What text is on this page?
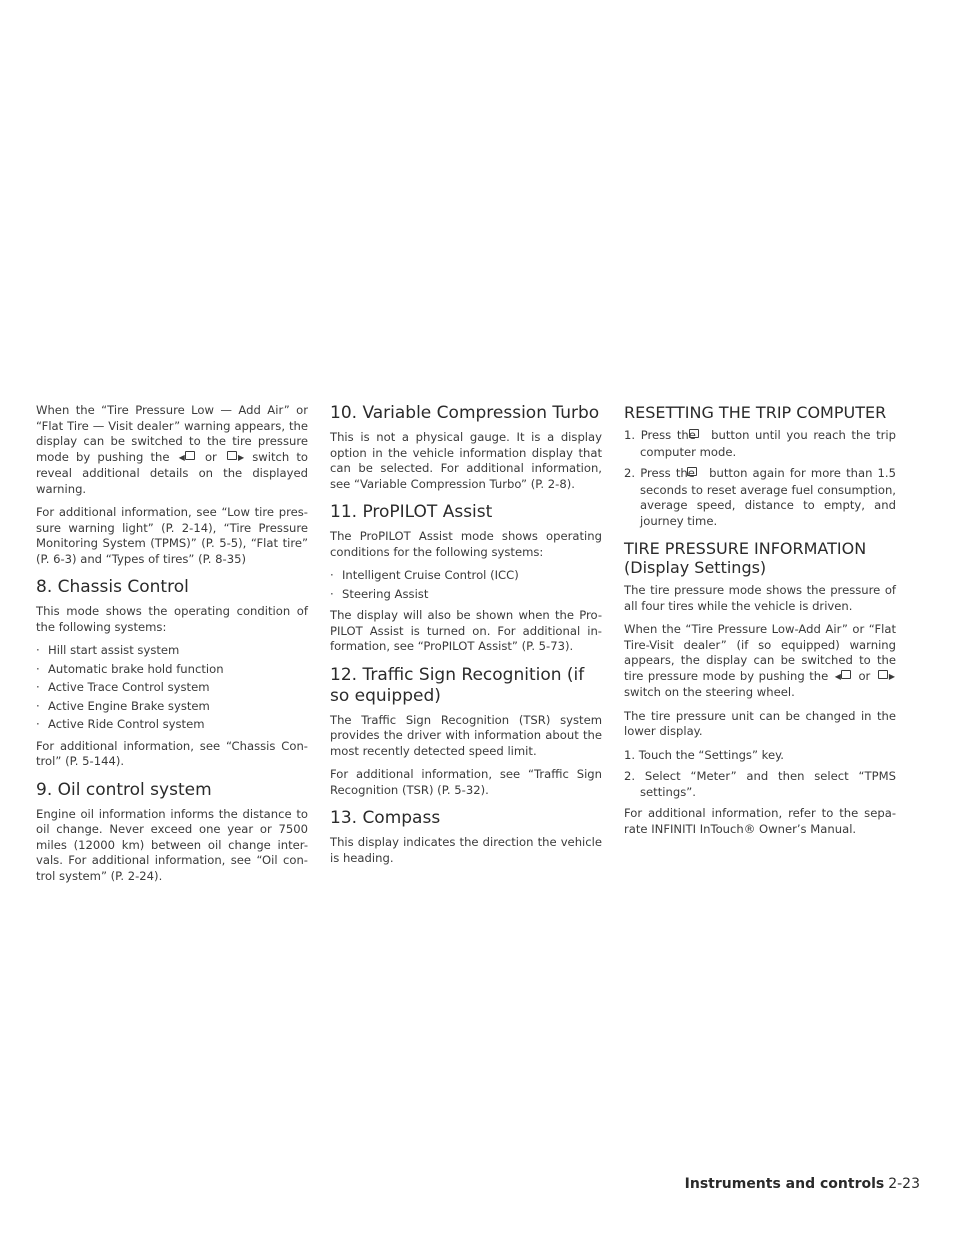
When the “Tire Pressure Low — Add Air” or “Flat Tire — Visit dealer” warning appears, the display can be switched to the tire pressure mode by pushing the ◀ or	▶ switch to reveal additional details on the displayed warning.

For additional information, see “Low tire pres- sure warning light” (P. 2-14), “Tire Pressure Monitoring System (TPMS)” (P. 5-5), “Flat tire” (P. 6-3) and “Types of tires” (P. 8-35)

8. Chassis Control

This mode shows the operating condition of the following systems:

· Hill start assist system
· Automatic brake hold function
· Active Trace Control system
· Active Engine Brake system
· Active Ride Control system

For additional information, see “Chassis Con- trol” (P. 5-144).

9. Oil control system

Engine oil information informs the distance to oil change. Never exceed one year or 7500 miles (12000 km) between oil change inter- vals. For additional information, see “Oil con- trol system” (P. 2-24).

10. Variable Compression Turbo

This is not a physical gauge. It is a display option in the vehicle information display that can be selected. For additional information, see “Variable Compression Turbo” (P. 2-8).

11. ProPILOT Assist

The ProPILOT Assist mode shows operating conditions for the following systems:

· Intelligent Cruise Control (ICC)
· Steering Assist

The display will also be shown when the Pro- PILOT Assist is turned on. For additional in- formation, see “ProPILOT Assist” (P. 5-73).

12. Traffic Sign Recognition (if so equipped)

The Traffic Sign Recognition (TSR) system provides the driver with information about the most recently detected speed limit.

For additional information, see “Traffic Sign Recognition (TSR) (P. 5-32).

13. Compass

This display indicates the direction the vehicle is heading.

RESETTING THE TRIP COMPUTER
1. Press the button until you reach the trip computer mode.
2. Press the button again for more than 1.5 seconds to reset average fuel consumption, average speed, distance to empty, and journey time.
TIRE PRESSURE INFORMATION (Display Settings)

The tire pressure mode shows the pressure of all four tires while the vehicle is driven.

When the “Tire Pressure Low-Add Air” or “Flat Tire-Visit dealer” (if so equipped) warning appears, the display can be switched to the tire pressure mode by pushing the ◀ or ▶ switch on the steering wheel.

The tire pressure unit can be changed in the lower display.

1. Touch the “Settings” key.
2. Select “Meter” and then select “TPMS settings”.

For additional information, refer to the sepa- rate INFINITI InTouch® Owner’s Manual.

Instruments and controls 2-23
